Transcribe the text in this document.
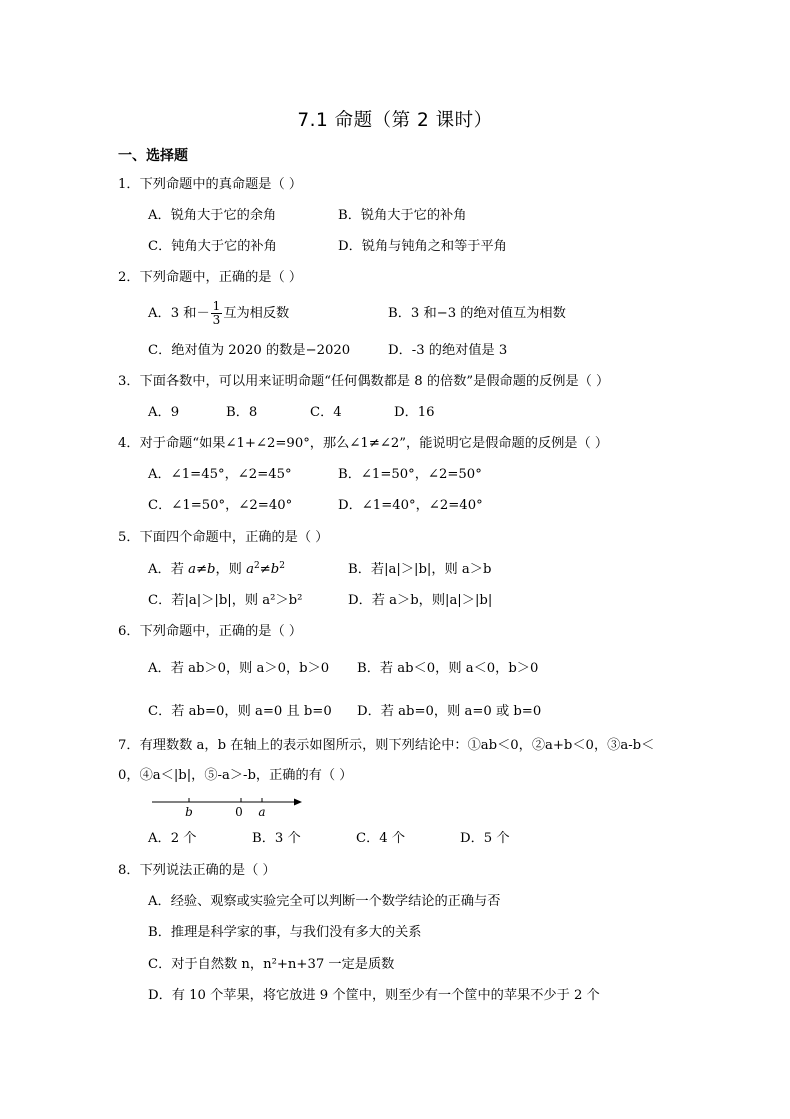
7.1 命题（第 2 课时）
一、选择题
1．下列命题中的真命题是（ ）
A．锐角大于它的余角	B．锐角大于它的补角
C．钝角大于它的补角	D．锐角与钝角之和等于平角
2．下列命题中，正确的是（ ）
A．3 和－ $\frac{1}{3}$ 互为相反数	B．3 和−3 的绝对值互为相数
C．绝对值为 2020 的数是−2020	D．-3 的绝对值是 3
3．下面各数中，可以用来证明命题“任何偶数都是 8 的倍数”是假命题的反例是（ ）
A．9	B．8	C．4	D．16
4．对于命题“如果∠1+∠2=90°，那么∠1≠∠2”，能说明它是假命题的反例是（ ）
A．∠1=45°，∠2=45°	B．∠1=50°，∠2=50°
C．∠1=50°，∠2=40°	D．∠1=40°，∠2=40°
5．下面四个命题中，正确的是（ ）
A．若 a≠b，则 $a^2\ne b^2$	B．若|a|＞|b|，则 a＞b
C．若|a|＞|b|，则 a²＞b²	D．若 a＞b，则|a|＞|b|
6．下列命题中，正确的是（ ）
A．若 ab＞0，则 a＞0，b＞0 B．若 ab＜0，则 a＜0，b＞0
C．若 ab=0，则 a=0 且 b=0 D．若 ab=0，则 a=0 或 b=0
7．有理数数 a，b 在轴上的表示如图所示，则下列结论中：①ab＜0，②a+b＜0，③a-b＜
0，④a＜|b|，⑤-a＞-b，正确的有（ ）
b	0 a
A．2 个	B．3 个	C．4 个	D．5 个
8．下列说法正确的是（ ）
A．经验、观察或实验完全可以判断一个数学结论的正确与否
B．推理是科学家的事，与我们没有多大的关系
C．对于自然数 n，n²+n+37 一定是质数
D．有 10 个苹果，将它放进 9 个筐中，则至少有一个筐中的苹果不少于 2 个
